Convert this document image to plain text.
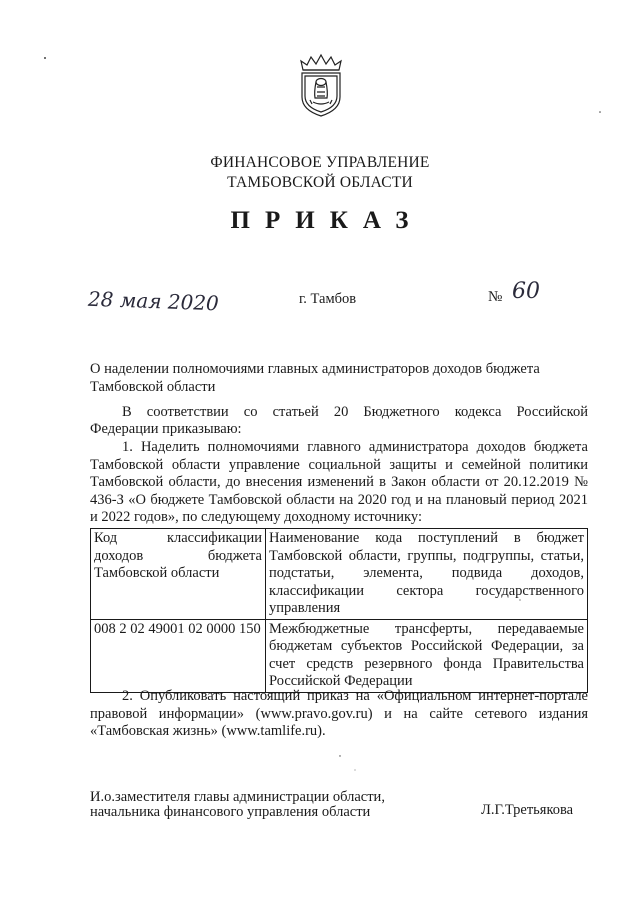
ФИНАНСОВОЕ УПРАВЛЕНИЕ
ТАМБОВСКОЙ ОБЛАСТИ
ПРИКАЗ
28 мая 2020	г. Тамбов	№ 60
О наделении полномочиями главных администраторов доходов бюджета Тамбовской области
В соответствии со статьей 20 Бюджетного кодекса Российской
Федерации приказываю:
1. Наделить полномочиями главного администратора доходов бюджета Тамбовской области управление социальной защиты и семейной политики Тамбовской области, до внесения изменений в Закон области от 20.12.2019 № 436-З «О бюджете Тамбовской области на 2020 год и на плановый период 2021 и 2022 годов», по следующему доходному источнику:
Код классификации доходов бюджета Тамбовской области	Наименование кода поступлений в бюджет Тамбовской области, группы, подгруппы, статьи, подстатьи, элемента, подвида доходов, классификации сектора государственного управления
008 2 02 49001 02 0000 150	Межбюджетные трансферты, передаваемые бюджетам субъектов Российской Федерации, за счет средств резервного фонда Правительства Российской Федерации
2. Опубликовать настоящий приказ на «Официальном интернет-портале правовой информации» (www.pravo.gov.ru) и на сайте сетевого издания «Тамбовская жизнь» (www.tamlife.ru).
И.о.заместителя главы администрации области,
начальника финансового управления области	Л.Г.Третьякова
